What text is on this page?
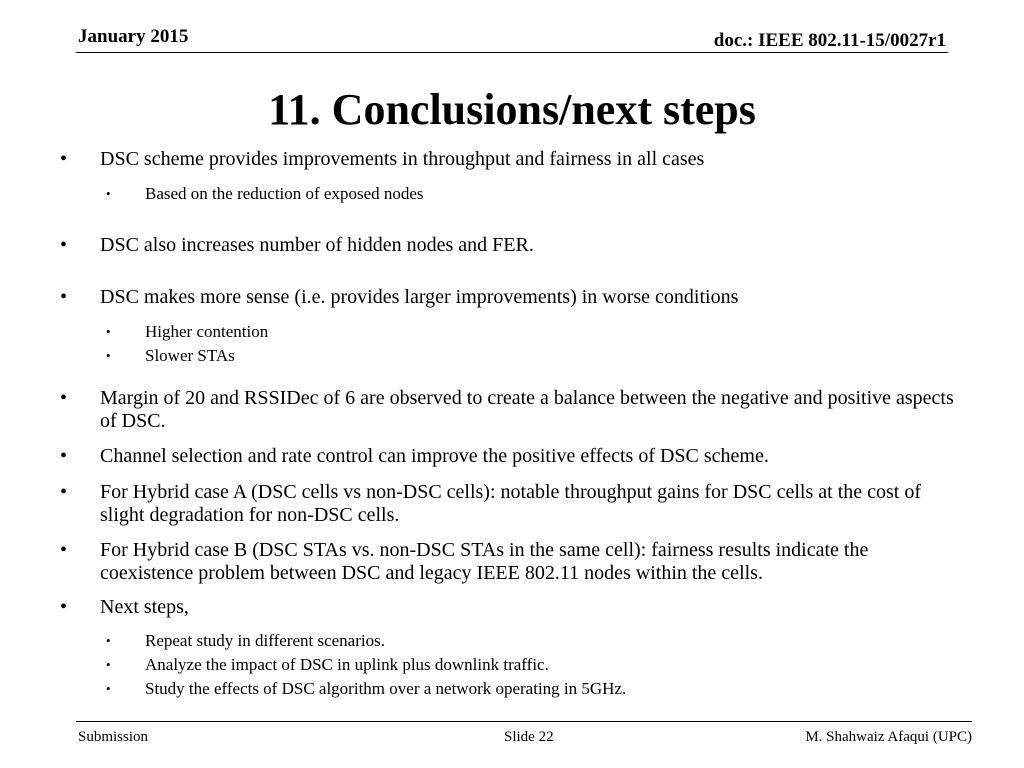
January 2015	doc.: IEEE 802.11-15/0027r1
11. Conclusions/next steps
•	DSC scheme provides improvements in throughput and fairness in all cases
•	Based on the reduction of exposed nodes
•	DSC also increases number of hidden nodes and FER.
•	DSC makes more sense (i.e. provides larger improvements) in worse conditions
•	Higher contention
•	Slower STAs
•	Margin of 20 and RSSIDec of 6 are observed to create a balance between the negative and positive aspects of DSC.
•	Channel selection and rate control can improve the positive effects of DSC scheme.
•	For Hybrid case A (DSC cells vs non-DSC cells): notable throughput gains for DSC cells at the cost of slight degradation for non-DSC cells.
•	For Hybrid case B (DSC STAs vs. non-DSC STAs in the same cell): fairness results indicate the coexistence problem between DSC and legacy IEEE 802.11 nodes within the cells.
•	Next steps,
•	Repeat study in different scenarios.
•	Analyze the impact of DSC in uplink plus downlink traffic.
•	Study the effects of DSC algorithm over a network operating in 5GHz.
Submission	Slide 22	M. Shahwaiz Afaqui (UPC)
